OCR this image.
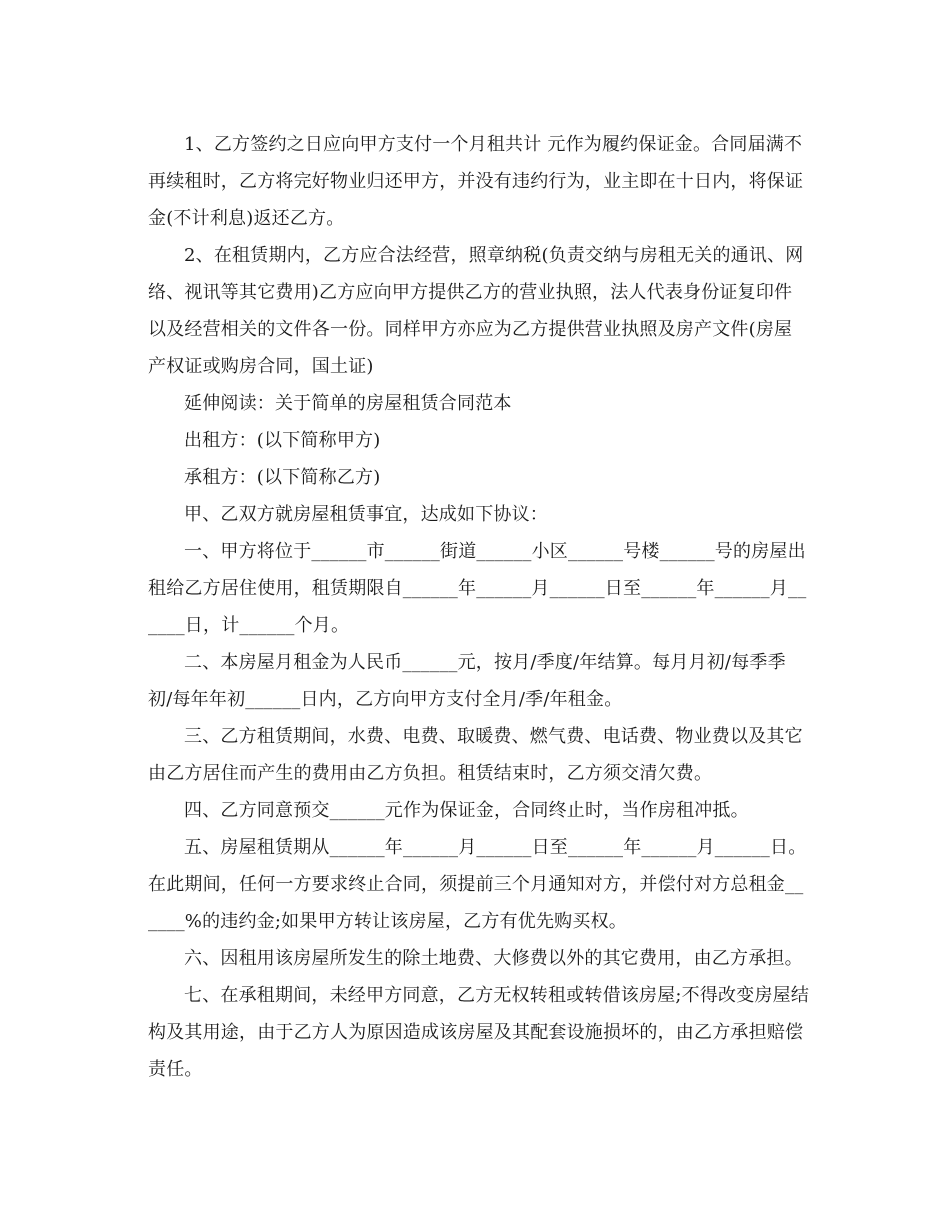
1、乙方签约之日应向甲方支付一个月租共计 元作为履约保证金。合同届满不再续租时，乙方将完好物业归还甲方，并没有违约行为，业主即在十日内，将保证金(不计利息)返还乙方。

2、在租赁期内，乙方应合法经营，照章纳税(负责交纳与房租无关的通讯、网络、视讯等其它费用)乙方应向甲方提供乙方的营业执照，法人代表身份证复印件以及经营相关的文件各一份。同样甲方亦应为乙方提供营业执照及房产文件(房屋产权证或购房合同，国土证)

延伸阅读：关于简单的房屋租赁合同范本

出租方：(以下简称甲方)

承租方：(以下简称乙方)

甲、乙双方就房屋租赁事宜，达成如下协议：

一、甲方将位于______市______街道______小区______号楼______号的房屋出租给乙方居住使用，租赁期限自______年______月______日至______年______月______日，计______个月。

二、本房屋月租金为人民币______元，按月/季度/年结算。每月月初/每季季初/每年年初______日内，乙方向甲方支付全月/季/年租金。

三、乙方租赁期间，水费、电费、取暖费、燃气费、电话费、物业费以及其它由乙方居住而产生的费用由乙方负担。租赁结束时，乙方须交清欠费。

四、乙方同意预交______元作为保证金，合同终止时，当作房租冲抵。

五、房屋租赁期从______年______月______日至______年______月______日。在此期间，任何一方要求终止合同，须提前三个月通知对方，并偿付对方总租金______%的违约金;如果甲方转让该房屋，乙方有优先购买权。

六、因租用该房屋所发生的除土地费、大修费以外的其它费用，由乙方承担。

七、在承租期间，未经甲方同意，乙方无权转租或转借该房屋;不得改变房屋结构及其用途，由于乙方人为原因造成该房屋及其配套设施损坏的，由乙方承担赔偿责任。
